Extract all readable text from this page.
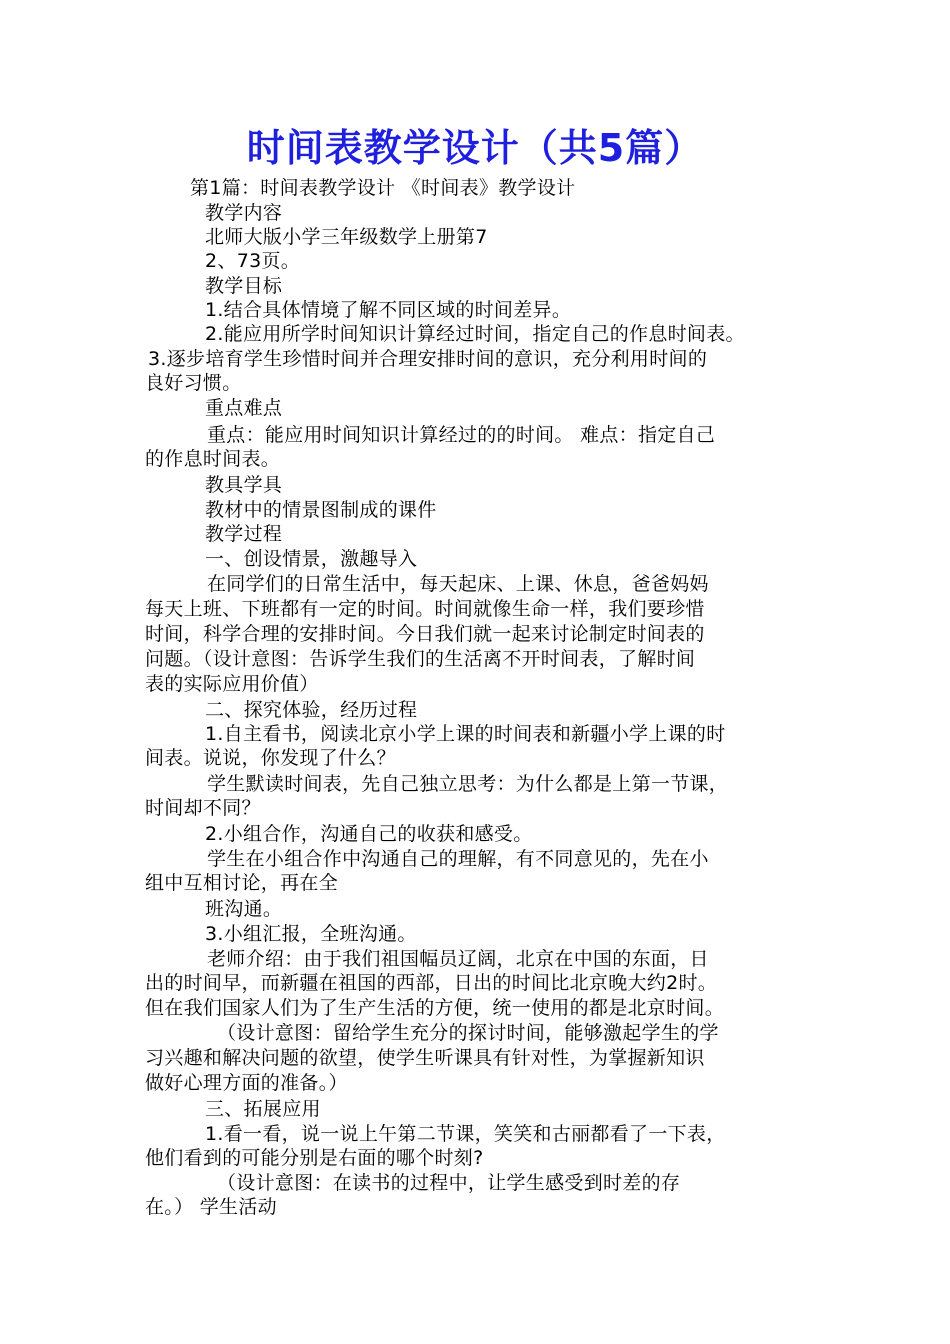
时间表教学设计（共5篇）
第1篇：时间表教学设计 《时间表》教学设计
教学内容
北师大版小学三年级数学上册第7
2、73页。
教学目标
1.结合具体情境了解不同区域的时间差异。
2.能应用所学时间知识计算经过时间，指定自己的作息时间表。
3.逐步培育学生珍惜时间并合理安排时间的意识，充分利用时间的
良好习惯。
重点难点
重点：能应用时间知识计算经过的的时间。 难点：指定自己
的作息时间表。
教具学具
教材中的情景图制成的课件
教学过程
一、创设情景，激趣导入
在同学们的日常生活中，每天起床、上课、休息，爸爸妈妈
每天上班、下班都有一定的时间。时间就像生命一样，我们要珍惜
时间，科学合理的安排时间。今日我们就一起来讨论制定时间表的
问题。（设计意图：告诉学生我们的生活离不开时间表，了解时间
表的实际应用价值）
二、探究体验，经历过程
1.自主看书，阅读北京小学上课的时间表和新疆小学上课的时
间表。说说，你发现了什么？
学生默读时间表，先自己独立思考：为什么都是上第一节课，
时间却不同？
2.小组合作，沟通自己的收获和感受。
学生在小组合作中沟通自己的理解，有不同意见的，先在小
组中互相讨论，再在全
班沟通。
3.小组汇报，全班沟通。
老师介绍：由于我们祖国幅员辽阔，北京在中国的东面，日
出的时间早，而新疆在祖国的西部，日出的时间比北京晚大约2时。
但在我们国家人们为了生产生活的方便，统一使用的都是北京时间。
（设计意图：留给学生充分的探讨时间，能够激起学生的学
习兴趣和解决问题的欲望，使学生听课具有针对性，为掌握新知识
做好心理方面的准备。）
三、拓展应用
1.看一看，说一说上午第二节课，笑笑和古丽都看了一下表，
他们看到的可能分别是右面的哪个时刻?
（设计意图：在读书的过程中，让学生感受到时差的存
在。） 学生活动
